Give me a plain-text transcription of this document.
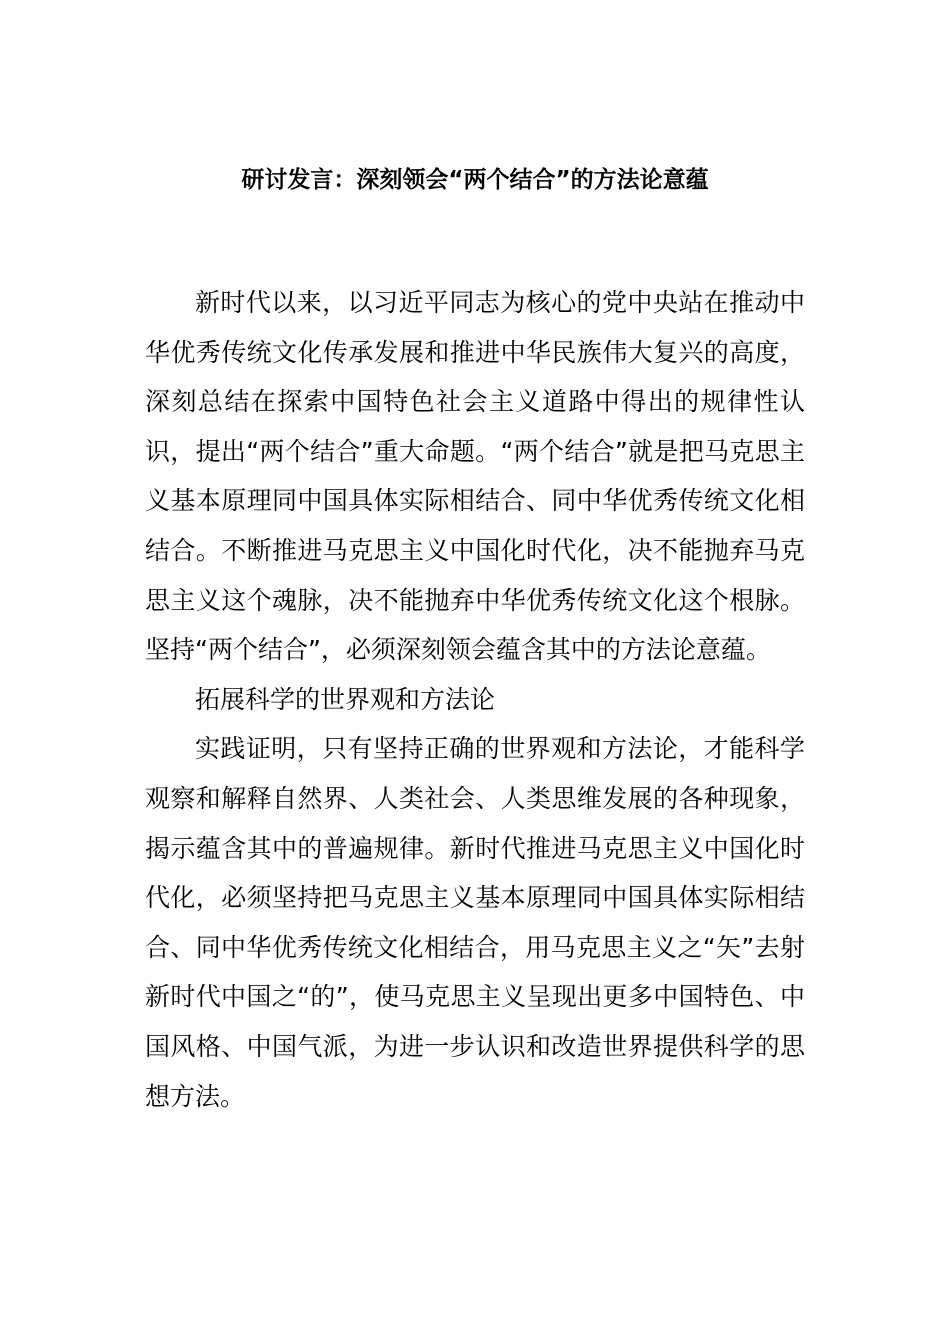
研讨发言：深刻领会“两个结合”的方法论意蕴

新时代以来，以习近平同志为核心的党中央站在推动中华优秀传统文化传承发展和推进中华民族伟大复兴的高度，深刻总结在探索中国特色社会主义道路中得出的规律性认识，提出“两个结合”重大命题。“两个结合”就是把马克思主义基本原理同中国具体实际相结合、同中华优秀传统文化相结合。不断推进马克思主义中国化时代化，决不能抛弃马克思主义这个魂脉，决不能抛弃中华优秀传统文化这个根脉。坚持“两个结合”，必须深刻领会蕴含其中的方法论意蕴。

拓展科学的世界观和方法论

实践证明，只有坚持正确的世界观和方法论，才能科学观察和解释自然界、人类社会、人类思维发展的各种现象，揭示蕴含其中的普遍规律。新时代推进马克思主义中国化时代化，必须坚持把马克思主义基本原理同中国具体实际相结合、同中华优秀传统文化相结合，用马克思主义之“矢”去射新时代中国之“的”，使马克思主义呈现出更多中国特色、中国风格、中国气派，为进一步认识和改造世界提供科学的思想方法。
